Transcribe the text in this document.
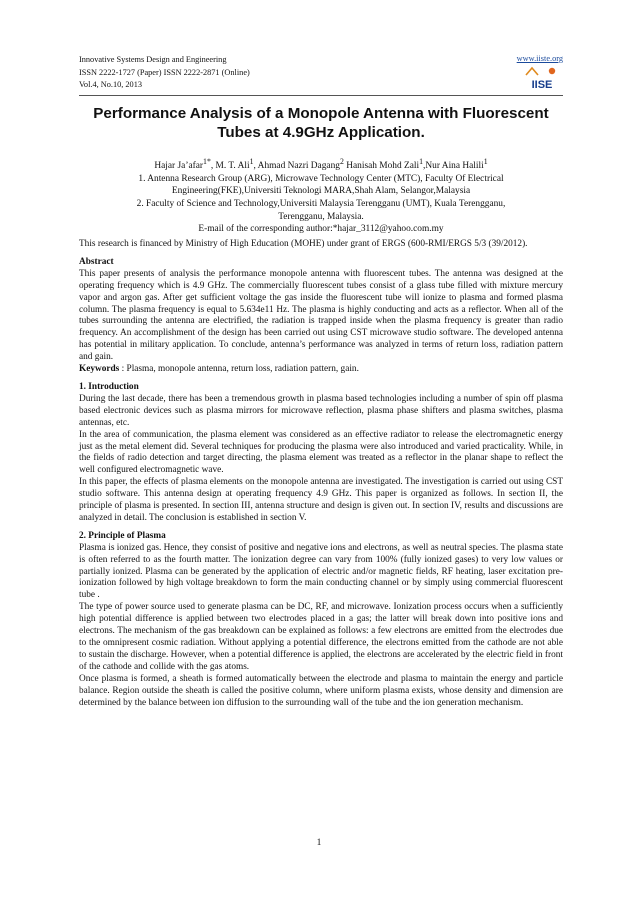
Innovative Systems Design and Engineering
ISSN 2222-1727 (Paper) ISSN 2222-2871 (Online)
Vol.4, No.10, 2013
www.iiste.org
IISE
Performance Analysis of a Monopole Antenna with Fluorescent
Tubes at 4.9GHz Application.
Hajar Ja’afar$^{1*}$, M. T. Ali$^1$, Ahmad Nazri Dagang$^2$ Hanisah Mohd Zali$^1$,Nur Aina Halili$^1$
1. Antenna Research Group (ARG), Microwave Technology Center (MTC), Faculty Of Electrical
Engineering(FKE),Universiti Teknologi MARA,Shah Alam, Selangor,Malaysia
2. Faculty of Science and Technology,Universiti Malaysia Terengganu (UMT), Kuala Terengganu,
Terengganu, Malaysia.
E-mail of the corresponding author:*hajar_3112@yahoo.com.my

This research is financed by Ministry of High Education (MOHE) under grant of ERGS (600-RMI/ERGS 5/3 (39/2012).

Abstract

This paper presents of analysis the performance monopole antenna with fluorescent tubes. The antenna was designed at the operating frequency which is 4.9 GHz. The commercially fluorescent tubes consist of a glass tube filled with mixture mercury vapor and argon gas. After get sufficient voltage the gas inside the fluorescent tube will ionize to plasma and formed plasma column. The plasma frequency is equal to 5.634e11 Hz. The plasma is highly conducting and acts as a reflector. When all of the tubes surrounding the antenna are electrified, the radiation is trapped inside when the plasma frequency is greater than radio frequency. An accomplishment of the design has been carried out using CST microwave studio software. The developed antenna has potential in military application. To conclude, antenna’s performance was analyzed in terms of return loss, radiation pattern and gain.

Keywords : Plasma, monopole antenna, return loss, radiation pattern, gain.

1. Introduction

During the last decade, there has been a tremendous growth in plasma based technologies including a number of spin off plasma based electronic devices such as plasma mirrors for microwave reflection, plasma phase shifters and plasma switches, plasma antennas, etc.

In the area of communication, the plasma element was considered as an effective radiator to release the electromagnetic energy just as the metal element did. Several techniques for producing the plasma were also introduced and varied practicality. While, in the fields of radio detection and target directing, the plasma element was treated as a reflector in the planar shape to reflect the well configured electromagnetic wave.

In this paper, the effects of plasma elements on the monopole antenna are investigated. The investigation is carried out using CST studio software. This antenna design at operating frequency 4.9 GHz. This paper is organized as follows. In section II, the principle of plasma is presented. In section III, antenna structure and design is given out. In section IV, results and discussions are analyzed in detail. The conclusion is established in section V.

2. Principle of Plasma

Plasma is ionized gas. Hence, they consist of positive and negative ions and electrons, as well as neutral species. The plasma state is often referred to as the fourth matter. The ionization degree can vary from 100% (fully ionized gases) to very low values or partially ionized. Plasma can be generated by the application of electric and/or magnetic fields, RF heating, laser excitation pre-ionization followed by high voltage breakdown to form the main conducting channel or by simply using commercial fluorescent tube .

The type of power source used to generate plasma can be DC, RF, and microwave. Ionization process occurs when a sufficiently high potential difference is applied between two electrodes placed in a gas; the latter will break down into positive ions and electrons. The mechanism of the gas breakdown can be explained as follows: a few electrons are emitted from the electrodes due to the omnipresent cosmic radiation. Without applying a potential difference, the electrons emitted from the cathode are not able to sustain the discharge. However, when a potential difference is applied, the electrons are accelerated by the electric field in front of the cathode and collide with the gas atoms.

Once plasma is formed, a sheath is formed automatically between the electrode and plasma to maintain the energy and particle balance. Region outside the sheath is called the positive column, where uniform plasma exists, whose density and dimension are determined by the balance between ion diffusion to the surrounding wall of the tube and the ion generation mechanism.

1
